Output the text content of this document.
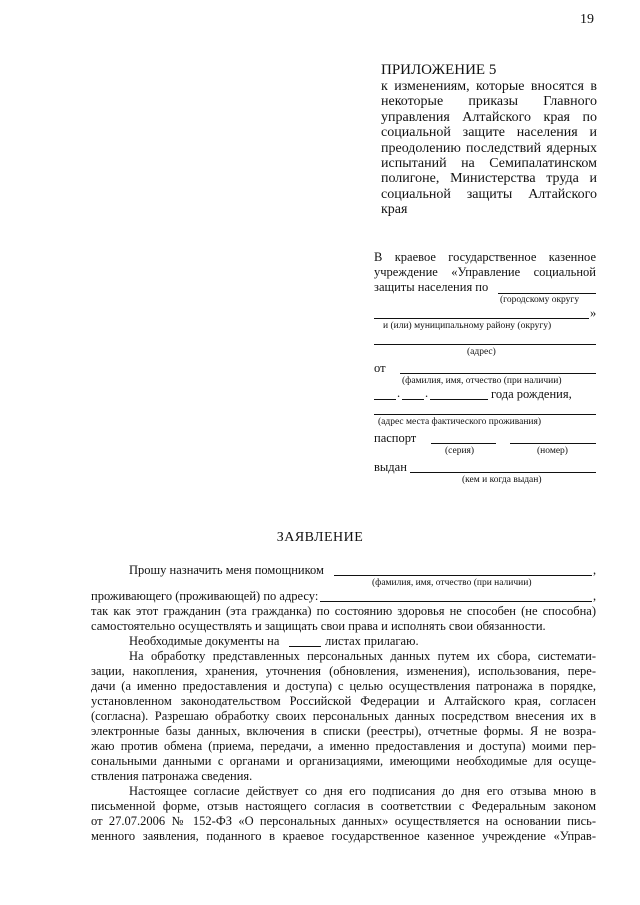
19
ПРИЛОЖЕНИЕ 5
к изменениям, которые вносятся в некоторые приказы Главного управления Алтайского края по социальной защите населения и преодолению последствий ядерных испытаний на Семипалатинском полигоне, Министерства труда и социальной защиты Алтайского края
В краевое государственное казенное
учреждение «Управление социальной
защиты населения по
(городскому округу
»
и (или) муниципальному району (округу)
(адрес)
от
(фамилия, имя, отчество (при наличии)
. .	года рождения,
(адрес места фактического проживания)
паспорт
(серия)	(номер)
выдан
(кем и когда выдан)
ЗАЯВЛЕНИЕ
Прошу назначить меня помощником	,
(фамилия, имя, отчество (при наличии)
проживающего (проживающей) по адресу:	,
так как этот гражданин (эта гражданка) по состоянию здоровья не способен (не способна)
самостоятельно осуществлять и защищать свои права и исполнять свои обязанности.
Необходимые документы на	листах прилагаю.
На обработку представленных персональных данных путем их сбора, системати-
зации, накопления, хранения, уточнения (обновления, изменения), использования, пере-
дачи (а именно предоставления и доступа) с целью осуществления патронажа в порядке,
установленном законодательством Российской Федерации и Алтайского края, согласен
(согласна). Разрешаю обработку своих персональных данных посредством внесения их в
электронные базы данных, включения в списки (реестры), отчетные формы. Я не возра-
жаю против обмена (приема, передачи, а именно предоставления и доступа) моими пер-
сональными данными с органами и организациями, имеющими необходимые для осуще-
ствления патронажа сведения.
Настоящее согласие действует со дня его подписания до дня его отзыва мною в
письменной форме, отзыв настоящего согласия в соответствии с Федеральным законом
от 27.07.2006 № 152-ФЗ «О персональных данных» осуществляется на основании пись-
менного заявления, поданного в краевое государственное казенное учреждение «Управ-
